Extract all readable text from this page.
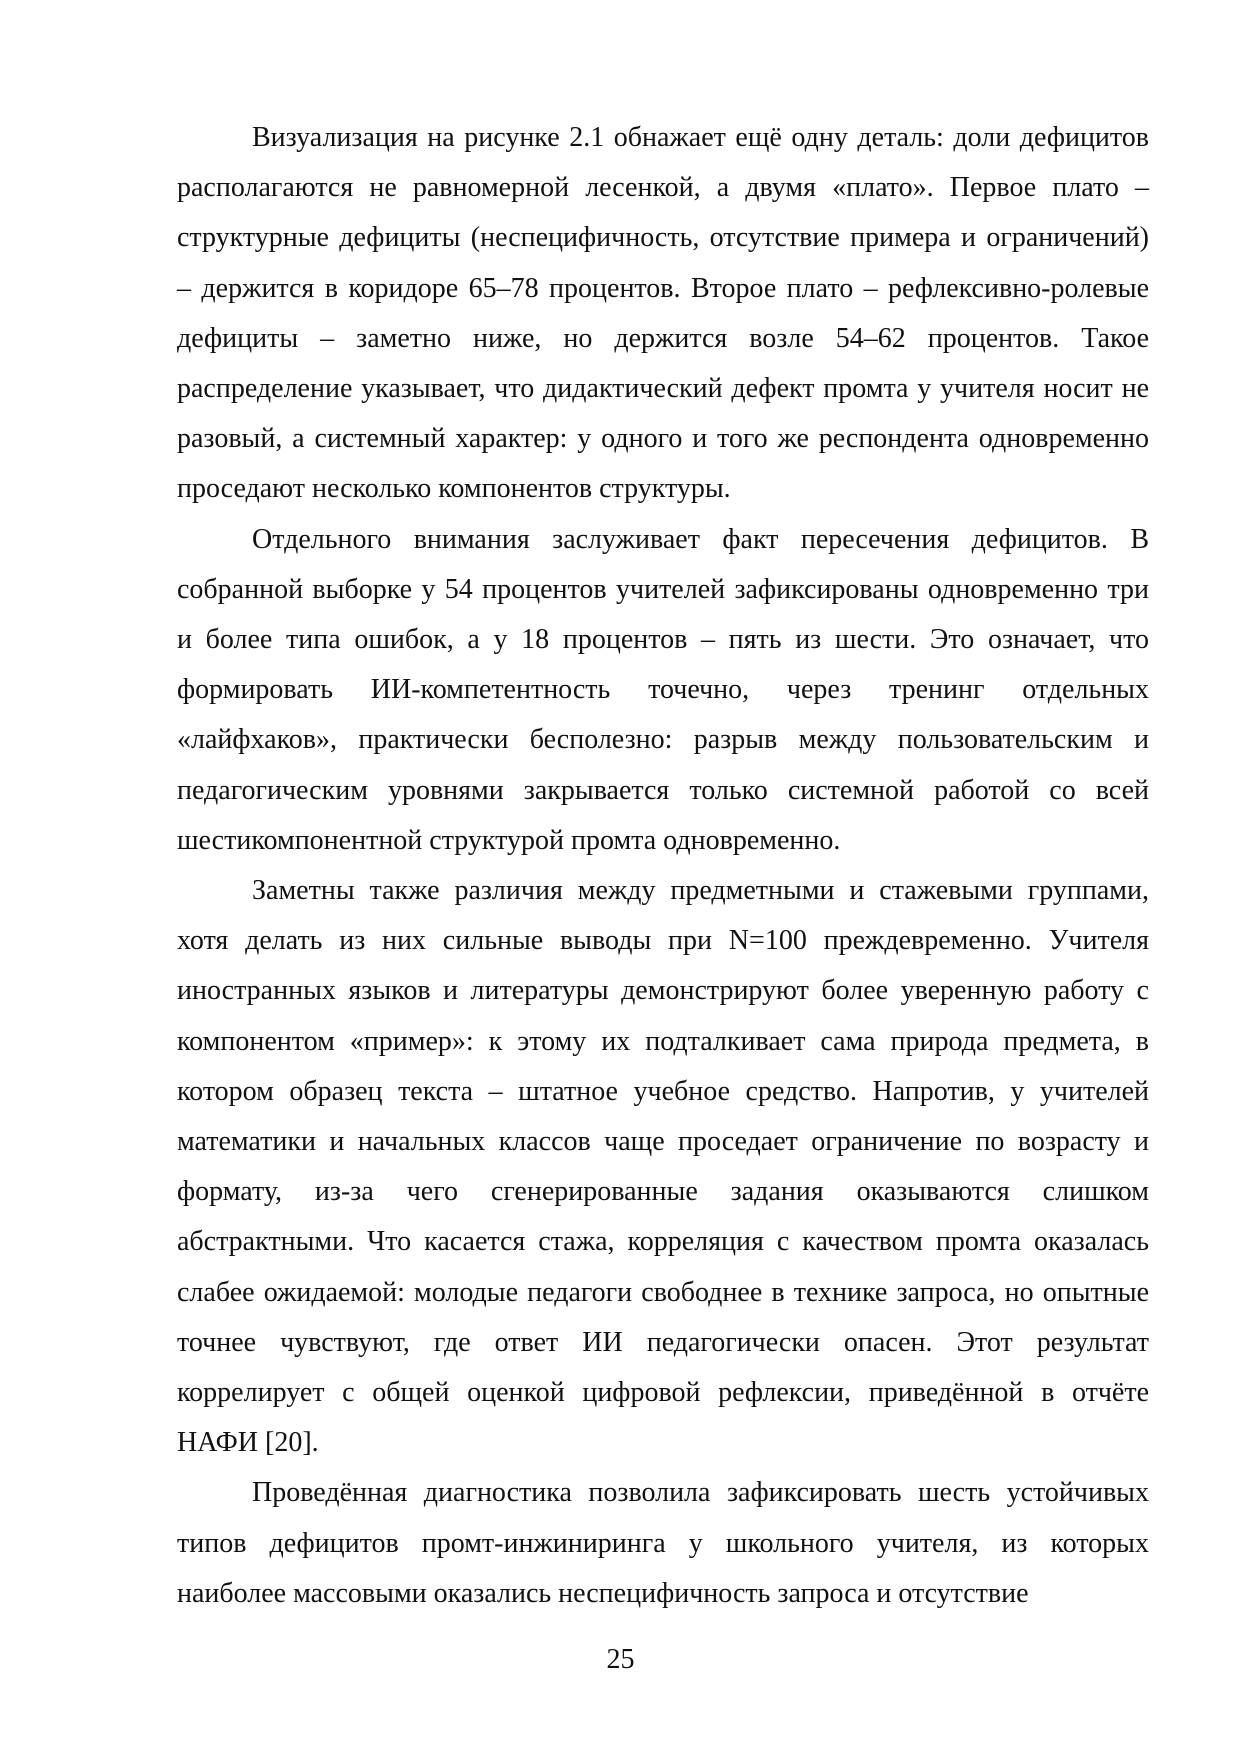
Визуализация на рисунке 2.1 обнажает ещё одну деталь: доли дефицитов располагаются не равномерной лесенкой, а двумя «плато». Первое плато – структурные дефициты (неспецифичность, отсутствие примера и ограничений) – держится в коридоре 65–78 процентов. Второе плато – рефлексивно-ролевые дефициты – заметно ниже, но держится возле 54–62 процентов. Такое распределение указывает, что дидактический дефект промта у учителя носит не разовый, а системный характер: у одного и того же респондента одновременно проседают несколько компонентов структуры.

Отдельного внимания заслуживает факт пересечения дефицитов. В собранной выборке у 54 процентов учителей зафиксированы одновременно три и более типа ошибок, а у 18 процентов – пять из шести. Это означает, что формировать ИИ-компетентность точечно, через тренинг отдельных «лайфхаков», практически бесполезно: разрыв между пользовательским и педагогическим уровнями закрывается только системной работой со всей шестикомпонентной структурой промта одновременно.

Заметны также различия между предметными и стажевыми группами, хотя делать из них сильные выводы при N=100 преждевременно. Учителя иностранных языков и литературы демонстрируют более уверенную работу с компонентом «пример»: к этому их подталкивает сама природа предмета, в котором образец текста – штатное учебное средство. Напротив, у учителей математики и начальных классов чаще проседает ограничение по возрасту и формату, из-за чего сгенерированные задания оказываются слишком абстрактными. Что касается стажа, корреляция с качеством промта оказалась слабее ожидаемой: молодые педагоги свободнее в технике запроса, но опытные точнее чувствуют, где ответ ИИ педагогически опасен. Этот результат коррелирует с общей оценкой цифровой рефлексии, приведённой в отчёте НАФИ [20].

Проведённая диагностика позволила зафиксировать шесть устойчивых типов дефицитов промт-инжиниринга у школьного учителя, из которых наиболее массовыми оказались неспецифичность запроса и отсутствие

25
